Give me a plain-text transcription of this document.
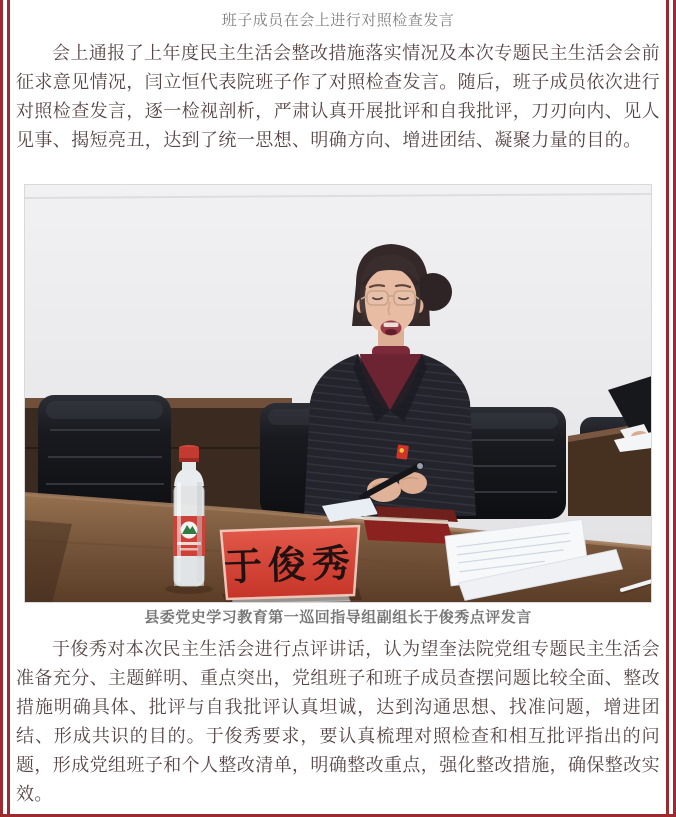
班子成员在会上进行对照检查发言
会上通报了上年度民主生活会整改措施落实情况及本次专题民主生活会会前征求意见情况，闫立恒代表院班子作了对照检查发言。随后，班子成员依次进行对照检查发言，逐一检视剖析，严肃认真开展批评和自我批评，刀刃向内、见人见事、揭短亮丑，达到了统一思想、明确方向、增进团结、凝聚力量的目的。
于俊秀
县委党史学习教育第一巡回指导组副组长于俊秀点评发言
于俊秀对本次民主生活会进行点评讲话，认为望奎法院党组专题民主生活会准备充分、主题鲜明、重点突出，党组班子和班子成员查摆问题比较全面、整改措施明确具体、批评与自我批评认真坦诚，达到沟通思想、找准问题，增进团结、形成共识的目的。于俊秀要求，要认真梳理对照检查和相互批评指出的问题，形成党组班子和个人整改清单，明确整改重点，强化整改措施，确保整改实效。
